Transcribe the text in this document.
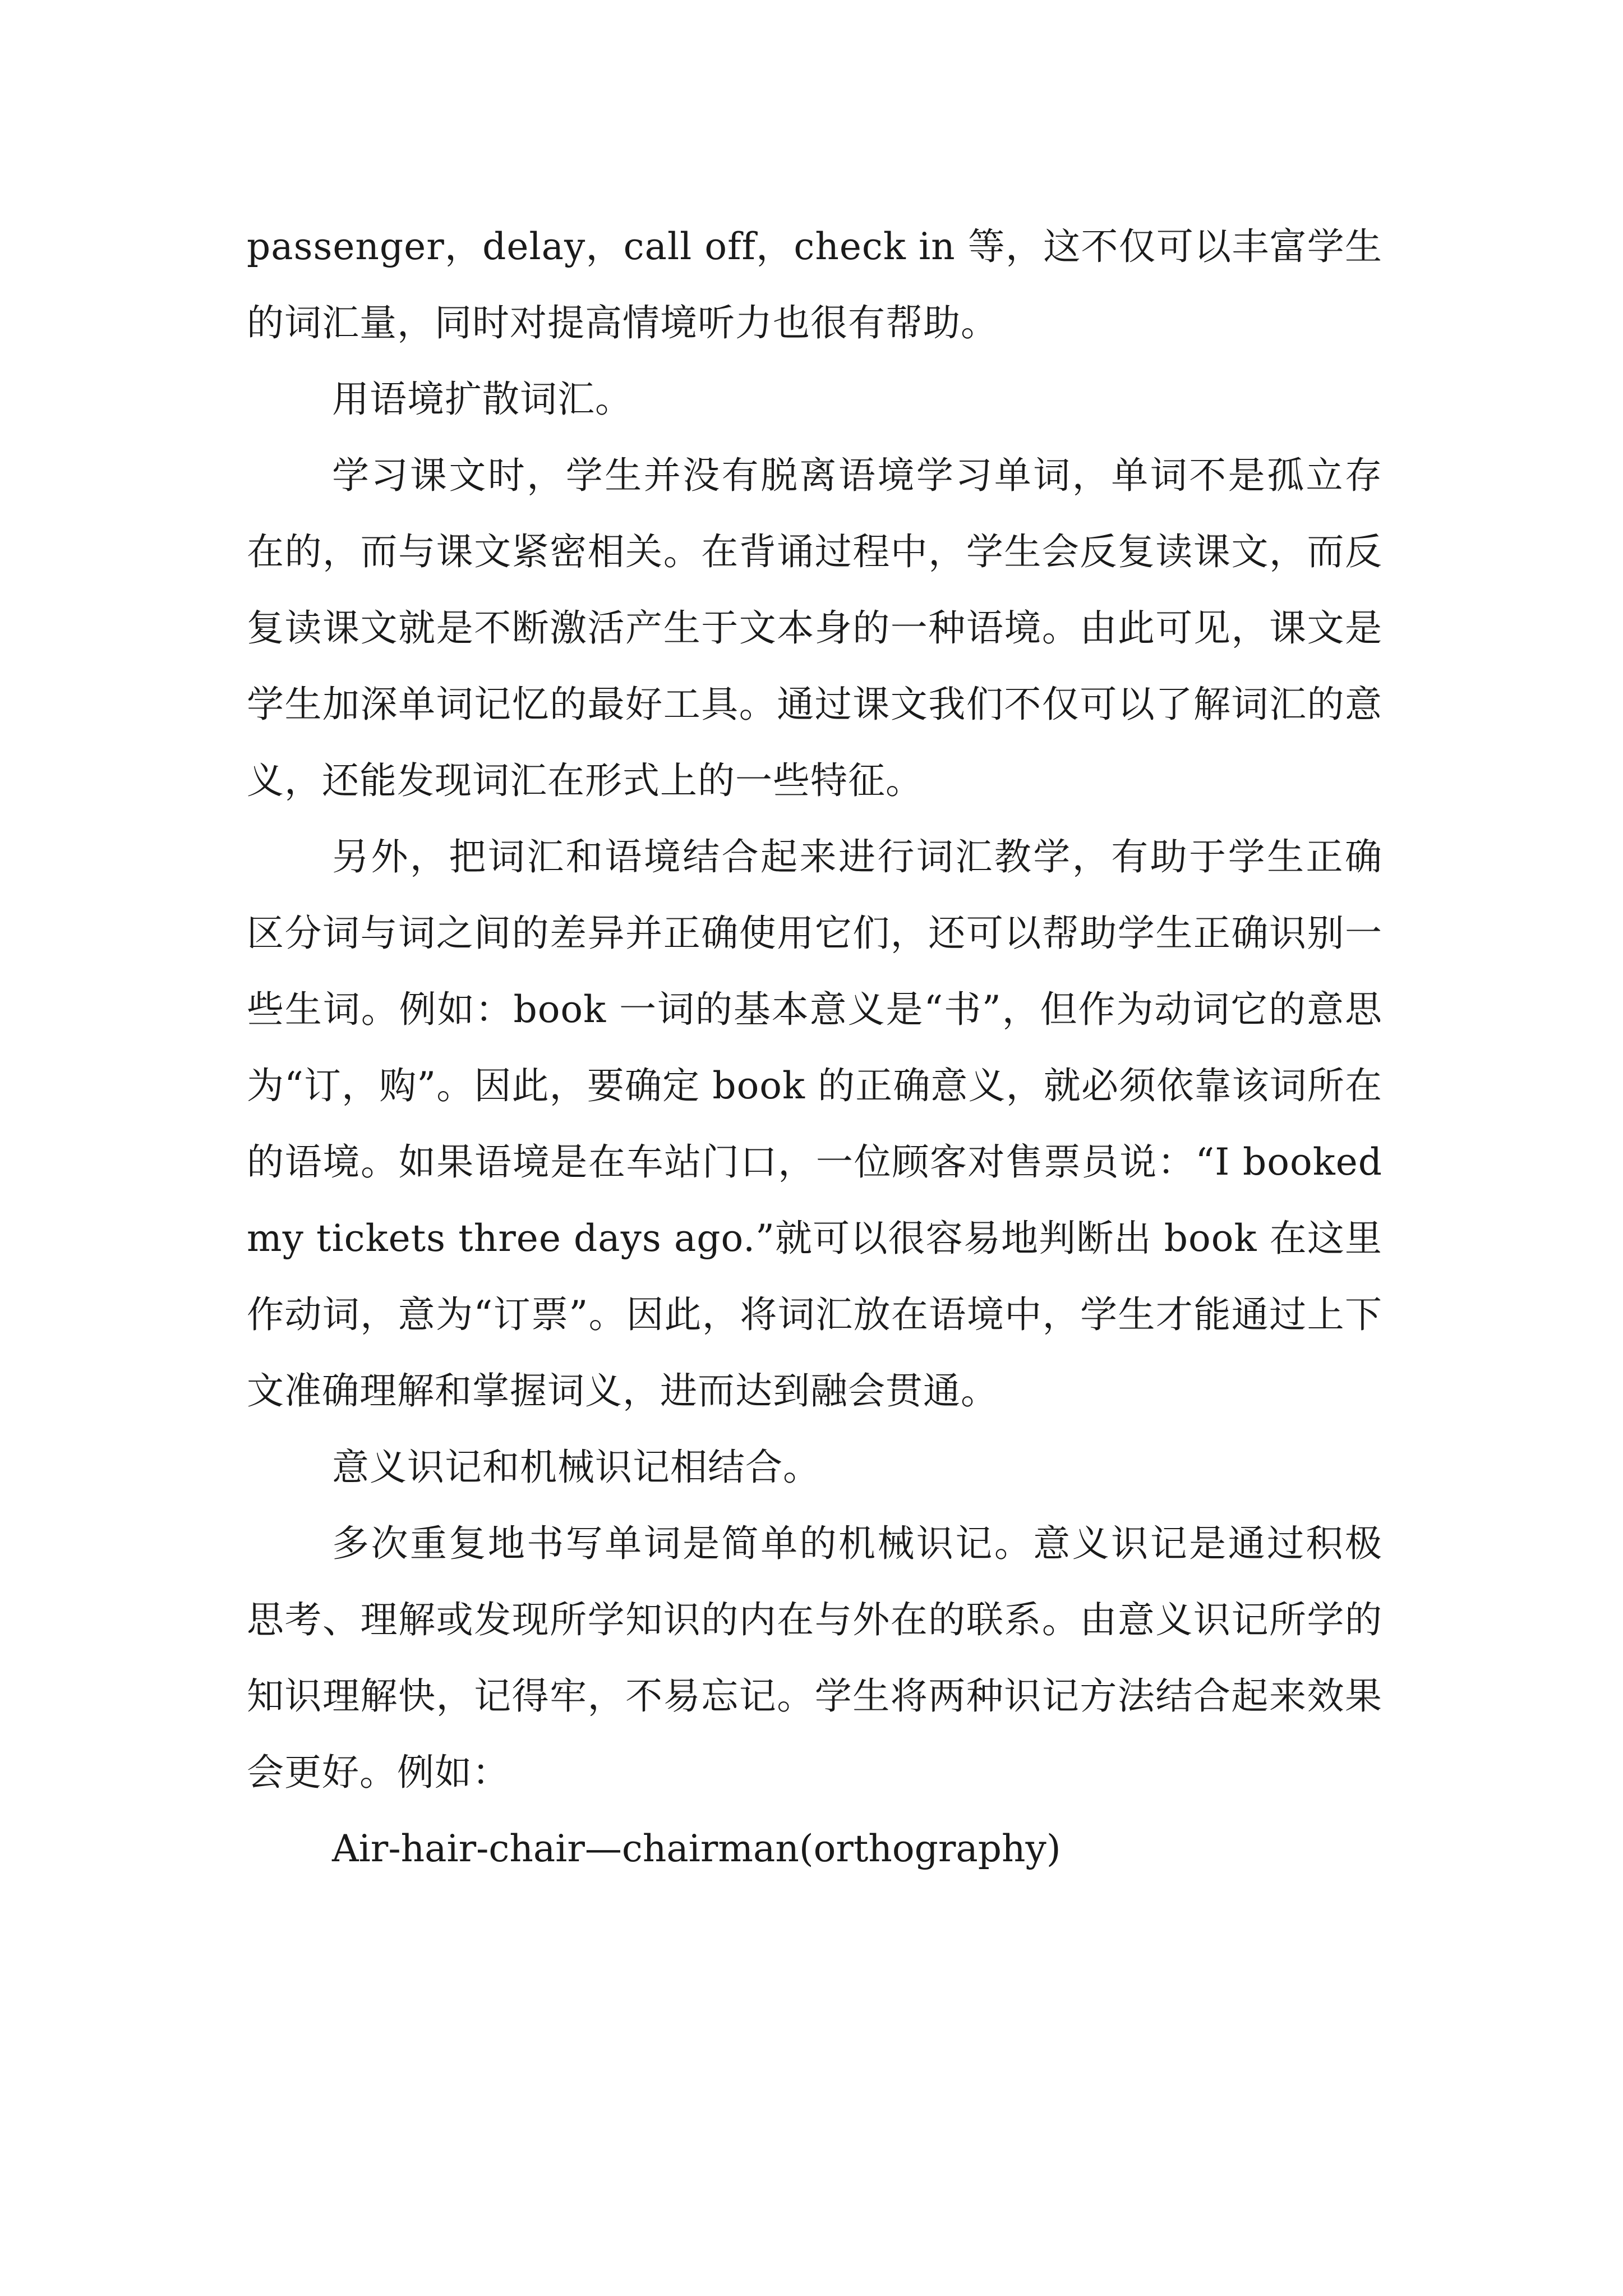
passenger，delay，call off，check in 等，这不仅可以丰富学生的词汇量，同时对提高情境听力也很有帮助。

用语境扩散词汇。

学习课文时，学生并没有脱离语境学习单词，单词不是孤立存在的，而与课文紧密相关。在背诵过程中，学生会反复读课文，而反复读课文就是不断激活产生于文本身的一种语境。由此可见，课文是学生加深单词记忆的最好工具。通过课文我们不仅可以了解词汇的意义，还能发现词汇在形式上的一些特征。

另外，把词汇和语境结合起来进行词汇教学，有助于学生正确区分词与词之间的差异并正确使用它们，还可以帮助学生正确识别一些生词。例如：book 一词的基本意义是“书”，但作为动词它的意思为“订，购”。因此，要确定 book 的正确意义，就必须依靠该词所在的语境。如果语境是在车站门口，一位顾客对售票员说：“I booked my tickets three days ago.”就可以很容易地判断出 book 在这里作动词，意为“订票”。因此，将词汇放在语境中，学生才能通过上下文准确理解和掌握词义，进而达到融会贯通。

意义识记和机械识记相结合。

多次重复地书写单词是简单的机械识记。意义识记是通过积极思考、理解或发现所学知识的内在与外在的联系。由意义识记所学的知识理解快，记得牢，不易忘记。学生将两种识记方法结合起来效果会更好。例如：

Air-hair-chair—chairman(orthography)
